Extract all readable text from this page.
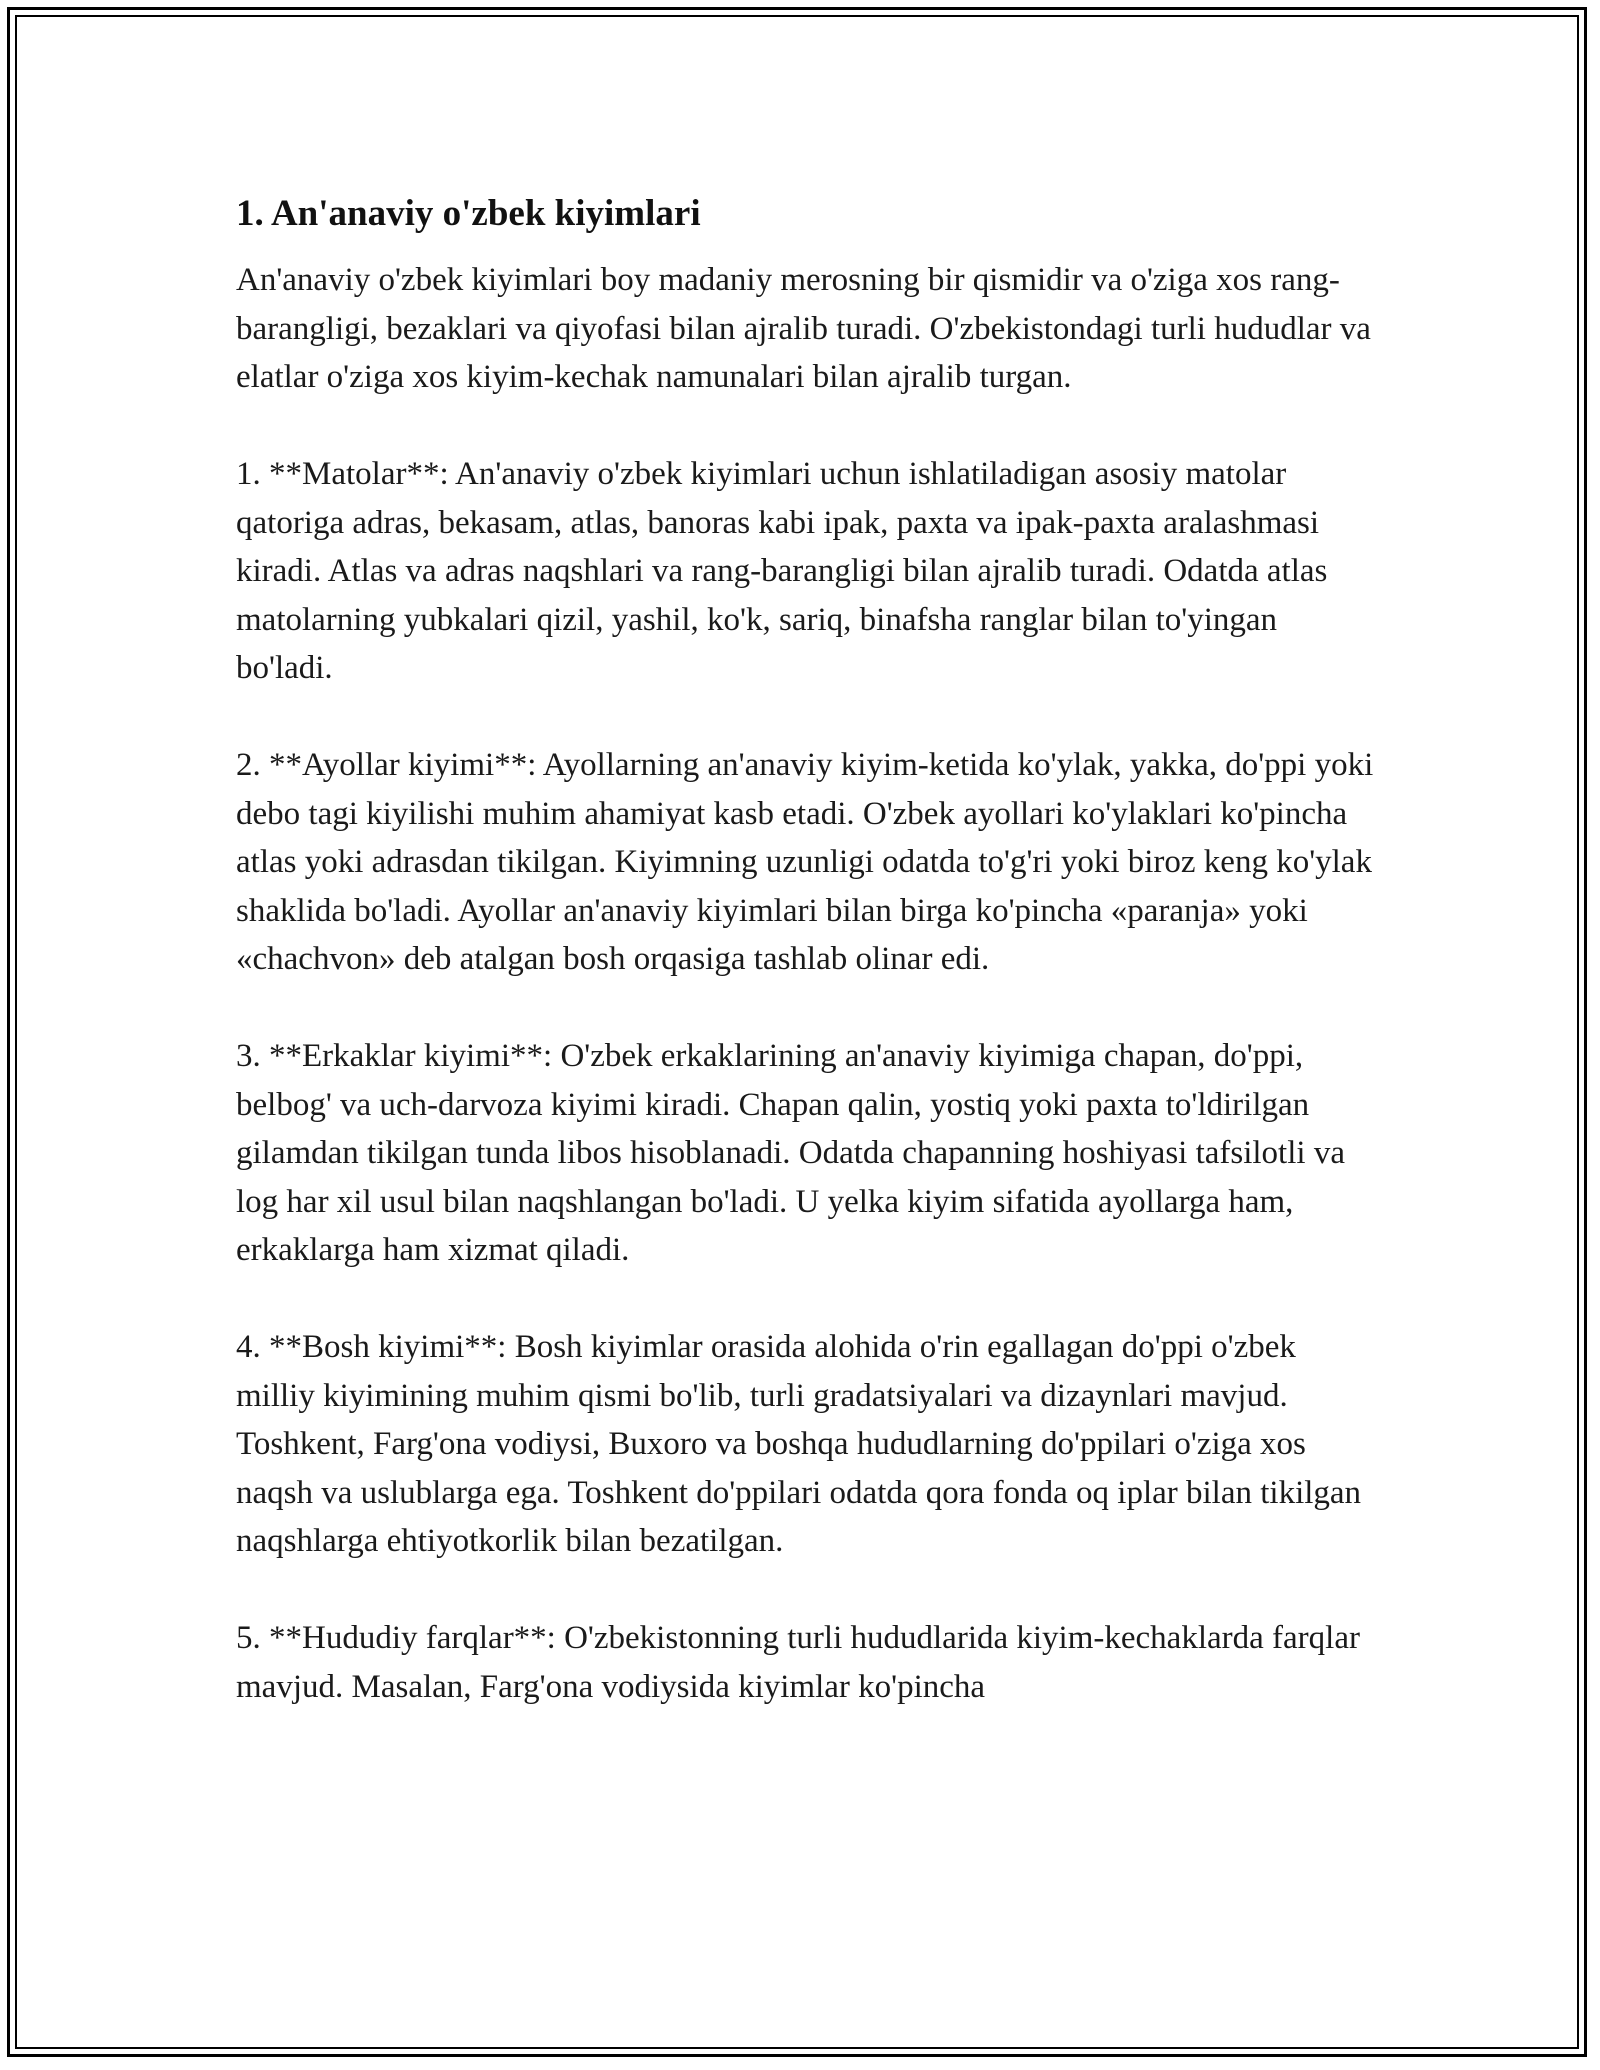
1. An'anaviy o'zbek kiyimlari

An'anaviy o'zbek kiyimlari boy madaniy merosning bir qismidir va o'ziga xos rang-barangligi, bezaklari va qiyofasi bilan ajralib turadi. O'zbekistondagi turli hududlar va elatlar o'ziga xos kiyim-kechak namunalari bilan ajralib turgan.

1. **Matolar**: An'anaviy o'zbek kiyimlari uchun ishlatiladigan asosiy matolar qatoriga adras, bekasam, atlas, banoras kabi ipak, paxta va ipak-paxta aralashmasi kiradi. Atlas va adras naqshlari va rang-barangligi bilan ajralib turadi. Odatda atlas matolarning yubkalari qizil, yashil, ko'k, sariq, binafsha ranglar bilan to'yingan bo'ladi.

2. **Ayollar kiyimi**: Ayollarning an'anaviy kiyim-ketida ko'ylak, yakka, do'ppi yoki debo tagi kiyilishi muhim ahamiyat kasb etadi. O'zbek ayollari ko'ylaklari ko'pincha atlas yoki adrasdan tikilgan. Kiyimning uzunligi odatda to'g'ri yoki biroz keng ko'ylak shaklida bo'ladi. Ayollar an'anaviy kiyimlari bilan birga ko'pincha «paranja» yoki «chachvon» deb atalgan bosh orqasiga tashlab olinar edi.

3. **Erkaklar kiyimi**: O'zbek erkaklarining an'anaviy kiyimiga chapan, do'ppi, belbog' va uch-darvoza kiyimi kiradi. Chapan qalin, yostiq yoki paxta to'ldirilgan gilamdan tikilgan tunda libos hisoblanadi. Odatda chapanning hoshiyasi tafsilotli va log har xil usul bilan naqshlangan bo'ladi. U yelka kiyim sifatida ayollarga ham, erkaklarga ham xizmat qiladi.

4. **Bosh kiyimi**: Bosh kiyimlar orasida alohida o'rin egallagan do'ppi o'zbek milliy kiyimining muhim qismi bo'lib, turli gradatsiyalari va dizaynlari mavjud. Toshkent, Farg'ona vodiysi, Buxoro va boshqa hududlarning do'ppilari o'ziga xos naqsh va uslublarga ega. Toshkent do'ppilari odatda qora fonda oq iplar bilan tikilgan naqshlarga ehtiyotkorlik bilan bezatilgan.

5. **Hududiy farqlar**: O'zbekistonning turli hududlarida kiyim-kechaklarda farqlar mavjud. Masalan, Farg'ona vodiysida kiyimlar ko'pincha
